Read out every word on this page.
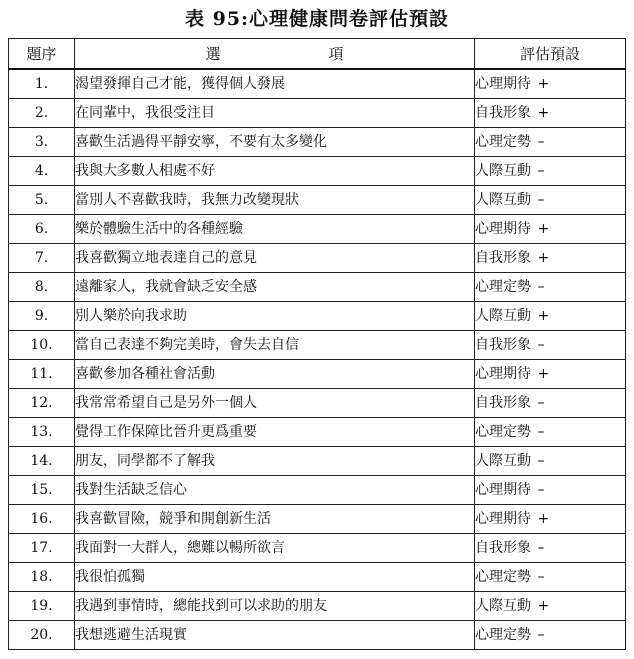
表 95:心理健康問卷評估預設
題序	選 項	評估預設
1.	渴望發揮自己才能，獲得個人發展	心理期待 +
2.	在同輩中，我很受注目	自我形象 +
3.	喜歡生活過得平靜安寧，不要有太多變化	心理定勢 –
4.	我與大多數人相處不好	人際互動 –
5.	當別人不喜歡我時，我無力改變現狀	人際互動 –
6.	樂於體驗生活中的各種經驗	心理期待 +
7.	我喜歡獨立地表達自己的意見	自我形象 +
8.	遠離家人，我就會缺乏安全感	心理定勢 –
9.	別人樂於向我求助	人際互動 +
10.	當自己表達不夠完美時，會失去自信	自我形象 –
11.	喜歡參加各種社會活動	心理期待 +
12.	我常常希望自己是另外一個人	自我形象 –
13.	覺得工作保障比晉升更爲重要	心理定勢 –
14.	朋友，同學都不了解我	人際互動 –
15.	我對生活缺乏信心	心理期待 –
16.	我喜歡冒險，競爭和開創新生活	心理期待 +
17.	我面對一大群人，總難以暢所欲言	自我形象 –
18.	我很怕孤獨	心理定勢 –
19.	我遇到事情時，總能找到可以求助的朋友	人際互動 +
20.	我想逃避生活現實	心理定勢 –
